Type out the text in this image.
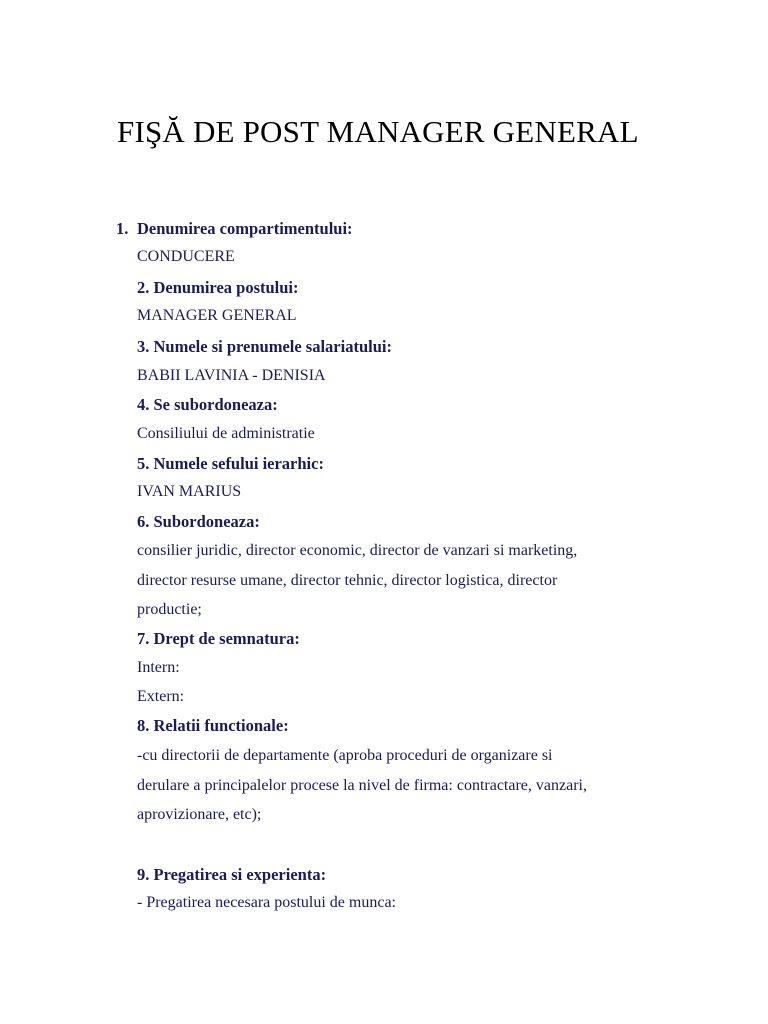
FIŞĂ DE POST MANAGER GENERAL
1. Denumirea compartimentului:
CONDUCERE
2. Denumirea postului:
MANAGER GENERAL
3. Numele si prenumele salariatului:
BABII LAVINIA - DENISIA
4. Se subordoneaza:
Consiliului de administratie
5. Numele sefului ierarhic:
IVAN MARIUS
6. Subordoneaza:
consilier juridic, director economic, director de vanzari si marketing,
director resurse umane, director tehnic, director logistica, director
productie;
7. Drept de semnatura:
Intern:
Extern:
8. Relatii functionale:
-cu directorii de departamente (aproba proceduri de organizare si
derulare a principalelor procese la nivel de firma: contractare, vanzari,
aprovizionare, etc);
9. Pregatirea si experienta:
- Pregatirea necesara postului de munca:
